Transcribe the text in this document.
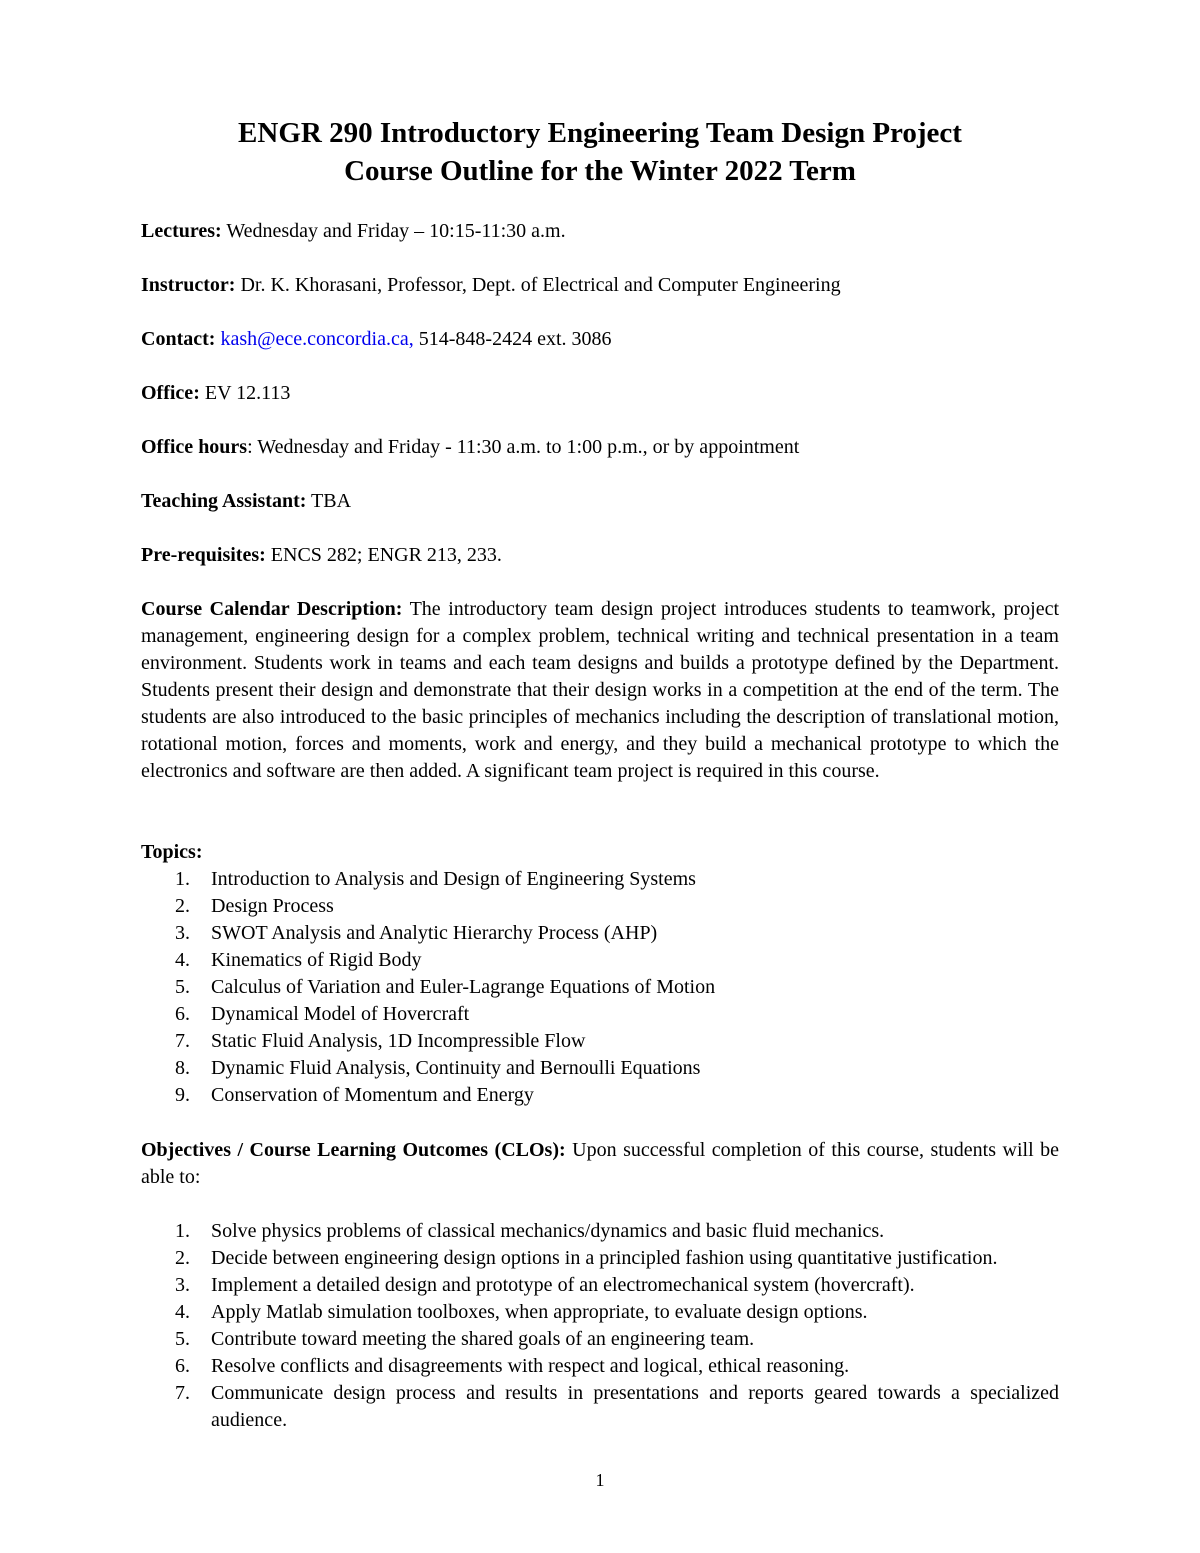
ENGR 290 Introductory Engineering Team Design Project
Course Outline for the Winter 2022 Term
Lectures: Wednesday and Friday – 10:15-11:30 a.m.
Instructor: Dr. K. Khorasani, Professor, Dept. of Electrical and Computer Engineering
Contact: kash@ece.concordia.ca, 514-848-2424 ext. 3086
Office: EV 12.113
Office hours: Wednesday and Friday - 11:30 a.m. to 1:00 p.m., or by appointment
Teaching Assistant: TBA
Pre-requisites: ENCS 282; ENGR 213, 233.
Course Calendar Description: The introductory team design project introduces students to teamwork, project management, engineering design for a complex problem, technical writing and technical presentation in a team environment. Students work in teams and each team designs and builds a prototype defined by the Department. Students present their design and demonstrate that their design works in a competition at the end of the term. The students are also introduced to the basic principles of mechanics including the description of translational motion, rotational motion, forces and moments, work and energy, and they build a mechanical prototype to which the electronics and software are then added. A significant team project is required in this course.
Topics:
1. Introduction to Analysis and Design of Engineering Systems
2. Design Process
3. SWOT Analysis and Analytic Hierarchy Process (AHP)
4. Kinematics of Rigid Body
5. Calculus of Variation and Euler-Lagrange Equations of Motion
6. Dynamical Model of Hovercraft
7. Static Fluid Analysis, 1D Incompressible Flow
8. Dynamic Fluid Analysis, Continuity and Bernoulli Equations
9. Conservation of Momentum and Energy
Objectives / Course Learning Outcomes (CLOs): Upon successful completion of this course, students will be able to:
1. Solve physics problems of classical mechanics/dynamics and basic fluid mechanics.
2. Decide between engineering design options in a principled fashion using quantitative justification.
3. Implement a detailed design and prototype of an electromechanical system (hovercraft).
4. Apply Matlab simulation toolboxes, when appropriate, to evaluate design options.
5. Contribute toward meeting the shared goals of an engineering team.
6. Resolve conflicts and disagreements with respect and logical, ethical reasoning.
7. Communicate design process and results in presentations and reports geared towards a specialized audience.
1
